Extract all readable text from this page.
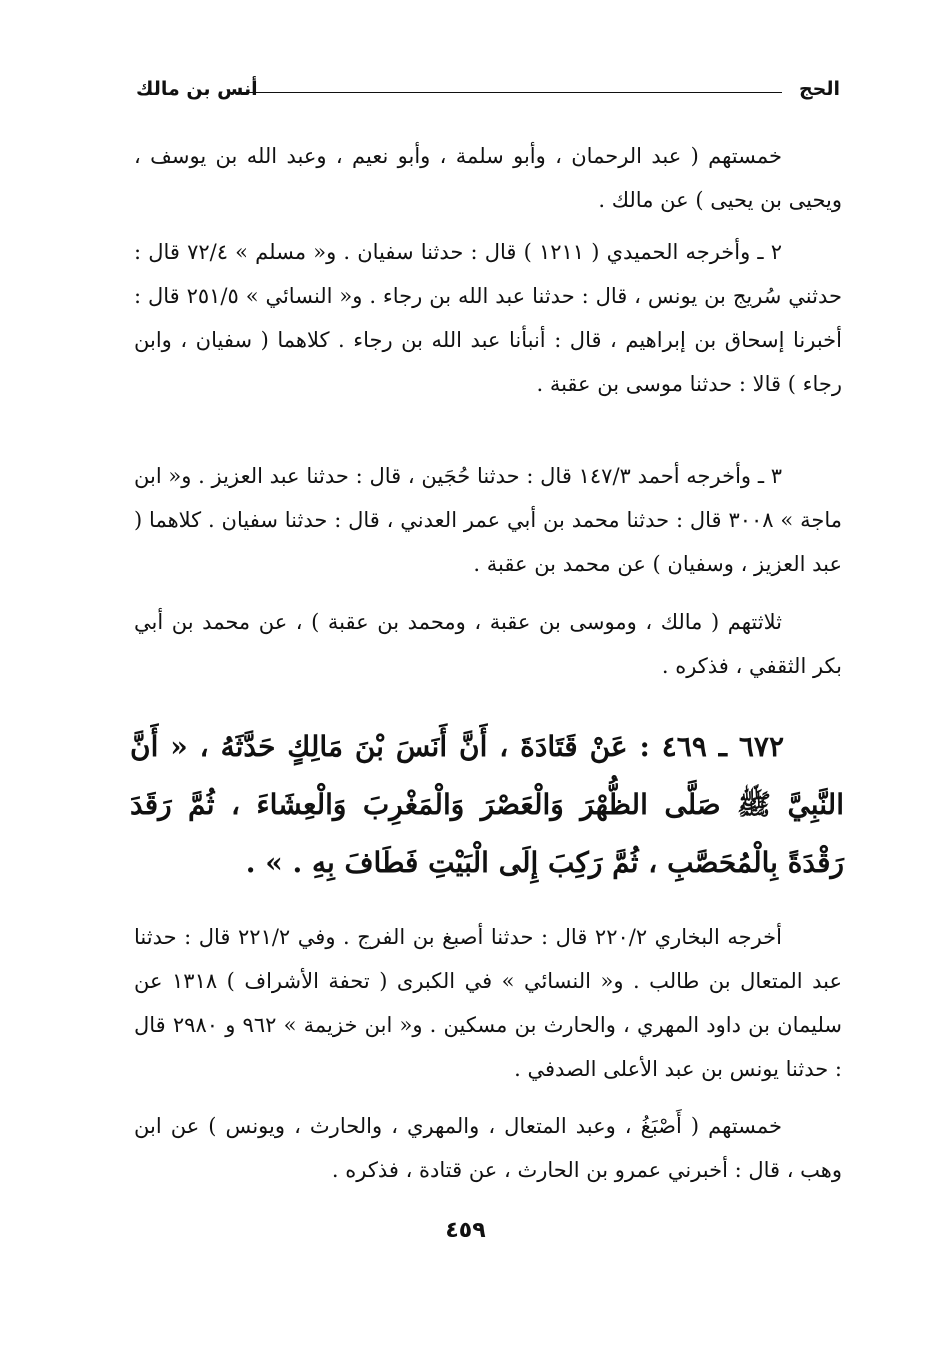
الحج
أنس بن مالك

خمستهم ( عبد الرحمان ، وأبو سلمة ، وأبو نعيم ، وعبد الله بن يوسف ، ويحيى بن يحيى ) عن مالك .

٢ ـ وأخرجه الحميدي ( ١٢١١ ) قال : حدثنا سفيان . و« مسلم » ٧٢/٤ قال : حدثني سُريج بن يونس ، قال : حدثنا عبد الله بن رجاء . و« النسائي » ٢٥١/٥ قال : أخبرنا إسحاق بن إبراهيم ، قال : أنبأنا عبد الله بن رجاء . كلاهما ( سفيان ، وابن رجاء ) قالا : حدثنا موسى بن عقبة .

٣ ـ وأخرجه أحمد ١٤٧/٣ قال : حدثنا حُجَين ، قال : حدثنا عبد العزيز . و« ابن ماجة » ٣٠٠٨ قال : حدثنا محمد بن أبي عمر العدني ، قال : حدثنا سفيان . كلاهما ( عبد العزيز ، وسفيان ) عن محمد بن عقبة .

ثلاثتهم ( مالك ، وموسى بن عقبة ، ومحمد بن عقبة ) ، عن محمد بن أبي بكر الثقفي ، فذكره .

٦٧٢ ـ ٤٦٩ : عَنْ قَتَادَةَ ، أَنَّ أَنَسَ بْنَ مَالِكٍ حَدَّثَهُ ، « أَنَّ النَّبِيَّ ﷺ صَلَّى الظُّهْرَ وَالْعَصْرَ وَالْمَغْرِبَ وَالْعِشَاءَ ، ثُمَّ رَقَدَ رَقْدَةً بِالْمُحَصَّبِ ، ثُمَّ رَكِبَ إِلَى الْبَيْتِ فَطَافَ بِهِ . » .

أخرجه البخاري ٢٢٠/٢ قال : حدثنا أصبغ بن الفرج . وفي ٢٢١/٢ قال : حدثنا عبد المتعال بن طالب . و« النسائي » في الكبرى ( تحفة الأشراف ) ١٣١٨ عن سليمان بن داود المهري ، والحارث بن مسكين . و« ابن خزيمة » ٩٦٢ و ٢٩٨٠ قال : حدثنا يونس بن عبد الأعلى الصدفي .

خمستهم ( أَصْبَغُ ، وعبد المتعال ، والمهري ، والحارث ، ويونس ) عن ابن وهب ، قال : أخبرني عمرو بن الحارث ، عن قتادة ، فذكره .

٤٥٩
